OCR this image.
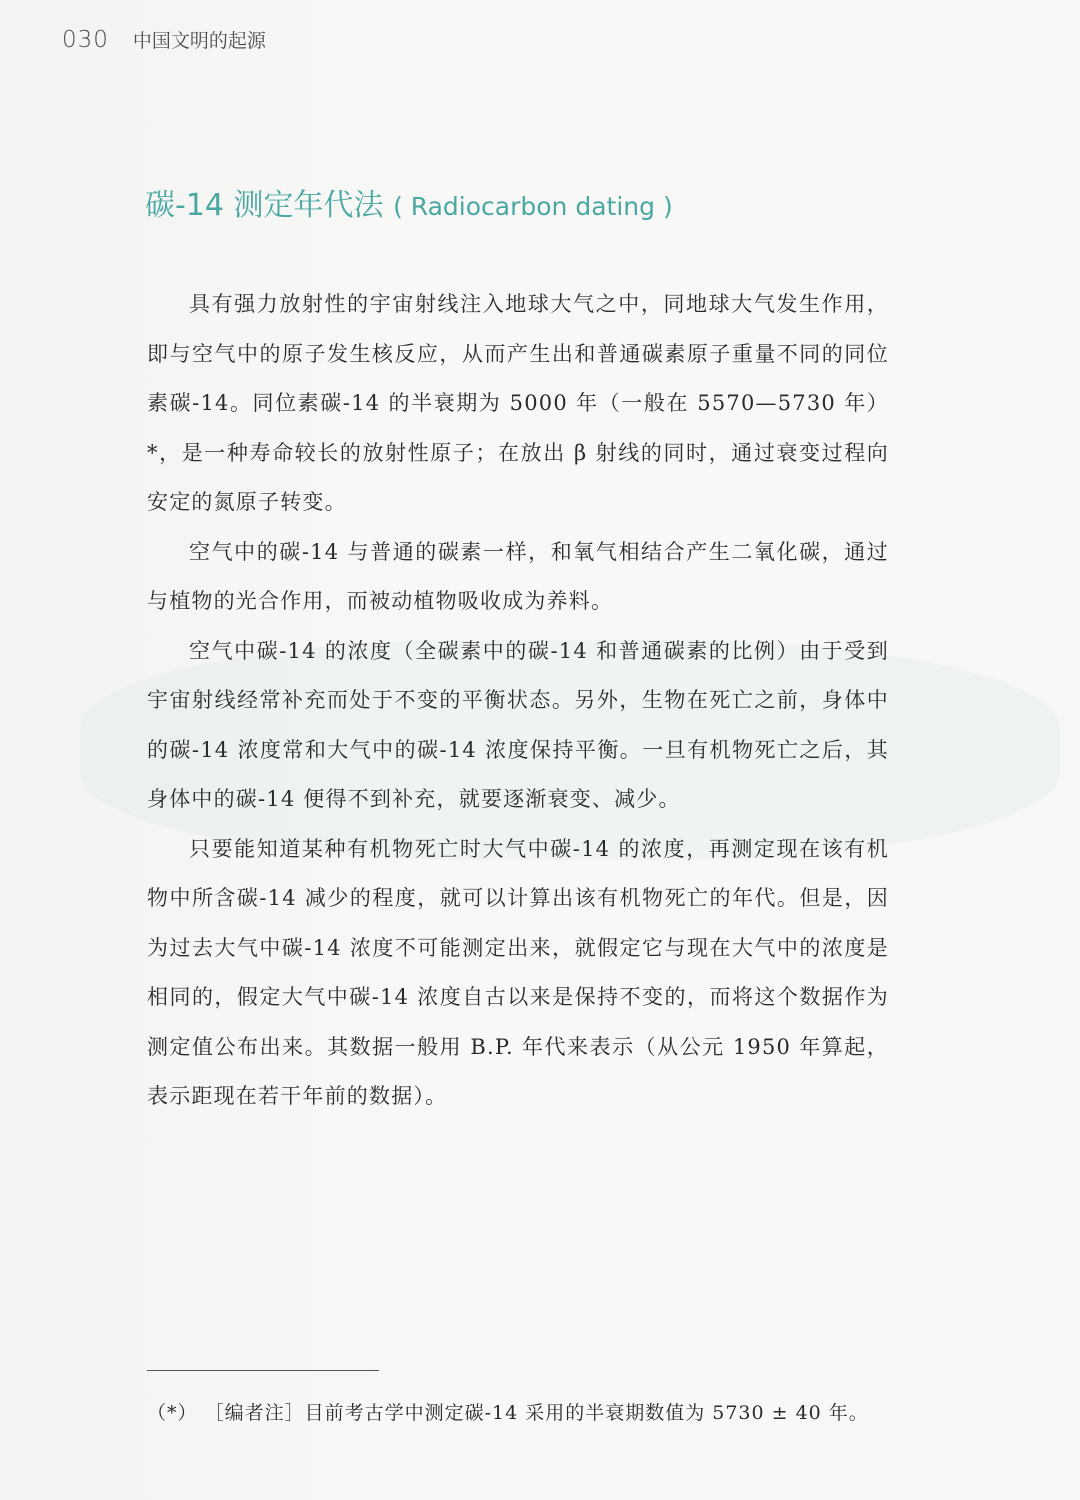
030 中国文明的起源
碳-14 测定年代法 ( Radiocarbon dating )

具有强力放射性的宇宙射线注入地球大气之中，同地球大气发生作用，即与空气中的原子发生核反应，从而产生出和普通碳素原子重量不同的同位素碳-14。同位素碳-14 的半衰期为 5000 年（一般在 5570—5730 年）*，是一种寿命较长的放射性原子；在放出 β 射线的同时，通过衰变过程向安定的氮原子转变。

空气中的碳-14 与普通的碳素一样，和氧气相结合产生二氧化碳，通过与植物的光合作用，而被动植物吸收成为养料。

空气中碳-14 的浓度（全碳素中的碳-14 和普通碳素的比例）由于受到宇宙射线经常补充而处于不变的平衡状态。另外，生物在死亡之前，身体中的碳-14 浓度常和大气中的碳-14 浓度保持平衡。一旦有机物死亡之后，其身体中的碳-14 便得不到补充，就要逐渐衰变、减少。

只要能知道某种有机物死亡时大气中碳-14 的浓度，再测定现在该有机物中所含碳-14 减少的程度，就可以计算出该有机物死亡的年代。但是，因为过去大气中碳-14 浓度不可能测定出来，就假定它与现在大气中的浓度是相同的，假定大气中碳-14 浓度自古以来是保持不变的，而将这个数据作为测定值公布出来。其数据一般用 B.P. 年代来表示（从公元 1950 年算起，表示距现在若干年前的数据）。

（*） ［编者注］目前考古学中测定碳-14 采用的半衰期数值为 5730 ± 40 年。
